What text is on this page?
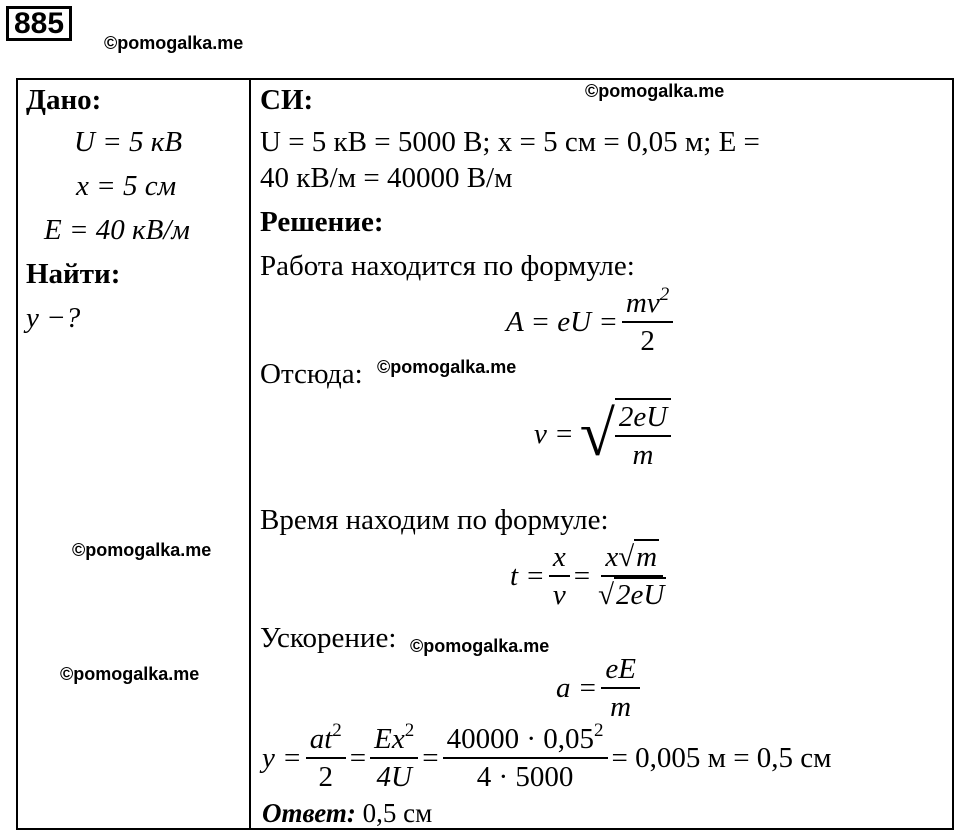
885
©pomogalka.me
Дано:
U = 5 кВ
x = 5 см
E = 40 кВ/м
Найти:
y −?
©pomogalka.me
©pomogalka.me
СИ:	©pomogalka.me
U = 5 кВ = 5000 В; x = 5 см = 0,05 м; E =
40 кВ/м = 40000 В/м
Решение:
Работа находится по формуле:
A = eU = $\frac{mv^2}{2}$
Отсюда: ©pomogalka.me
v = √ $\frac{2eU}{m}$
Время находим по формуле:
$t = \frac{x}{v} = \frac{x√m}{√2eU}$
Ускорение: ©pomogalka.me
$a = \frac{eE}{m}$
$y = \frac{at^2}{2} = \frac{Ex^2}{4U} = \frac{40000 \cdot 0,05^2}{4 \cdot 5000} = 0,005$ м = 0,5 см
Ответ: 0,5 см
